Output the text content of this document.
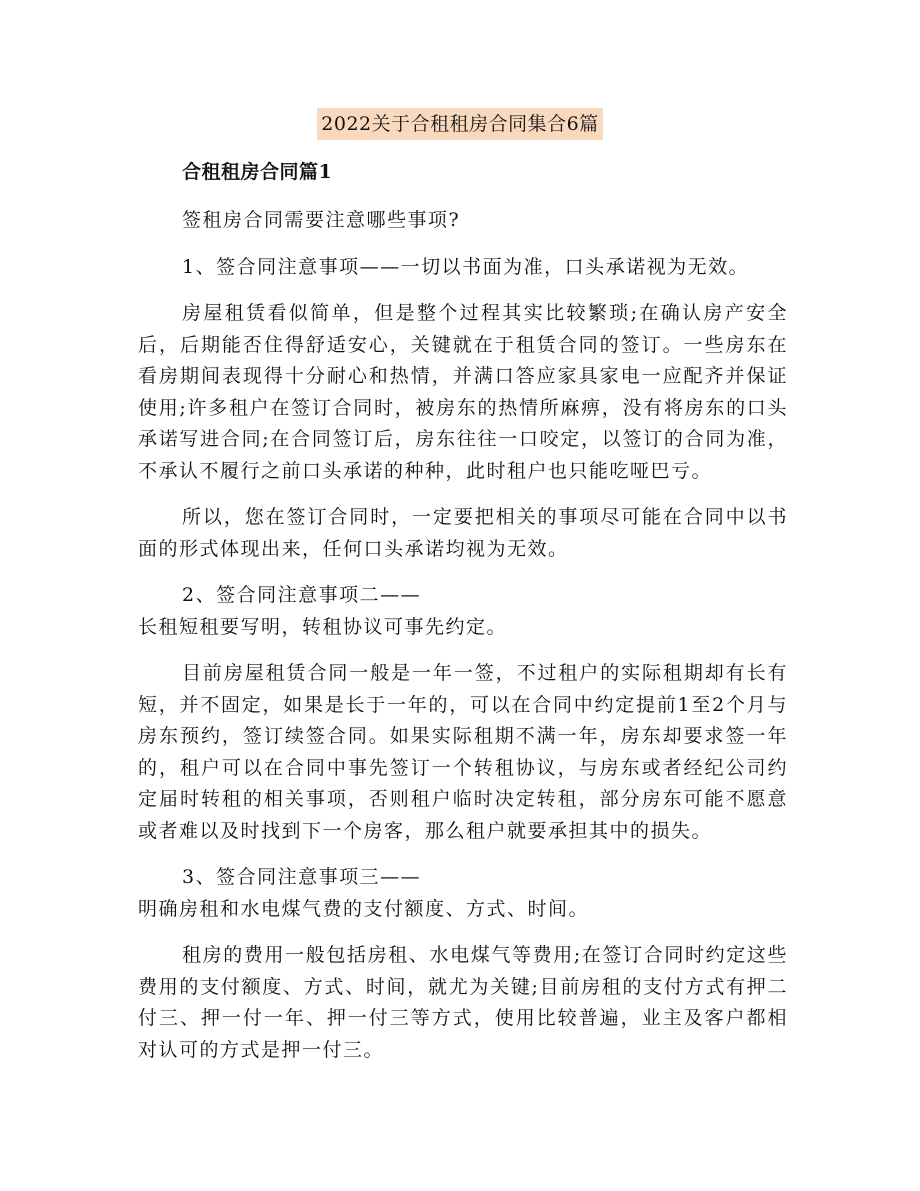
2022关于合租租房合同集合6篇
合租租房合同篇1

签租房合同需要注意哪些事项?

1、签合同注意事项——一切以书面为准，口头承诺视为无效。

房屋租赁看似简单，但是整个过程其实比较繁琐;在确认房产安全后，后期能否住得舒适安心，关键就在于租赁合同的签订。一些房东在看房期间表现得十分耐心和热情，并满口答应家具家电一应配齐并保证使用;许多租户在签订合同时，被房东的热情所麻痹，没有将房东的口头承诺写进合同;在合同签订后，房东往往一口咬定，以签订的合同为准，不承认不履行之前口头承诺的种种，此时租户也只能吃哑巴亏。

所以，您在签订合同时，一定要把相关的事项尽可能在合同中以书面的形式体现出来，任何口头承诺均视为无效。

2、签合同注意事项二——
长租短租要写明，转租协议可事先约定。

目前房屋租赁合同一般是一年一签，不过租户的实际租期却有长有短，并不固定，如果是长于一年的，可以在合同中约定提前1至2个月与房东预约，签订续签合同。如果实际租期不满一年，房东却要求签一年的，租户可以在合同中事先签订一个转租协议，与房东或者经纪公司约定届时转租的相关事项，否则租户临时决定转租，部分房东可能不愿意或者难以及时找到下一个房客，那么租户就要承担其中的损失。

3、签合同注意事项三——
明确房租和水电煤气费的支付额度、方式、时间。

租房的费用一般包括房租、水电煤气等费用;在签订合同时约定这些费用的支付额度、方式、时间，就尤为关键;目前房租的支付方式有押二付三、押一付一年、押一付三等方式，使用比较普遍，业主及客户都相对认可的方式是押一付三。
